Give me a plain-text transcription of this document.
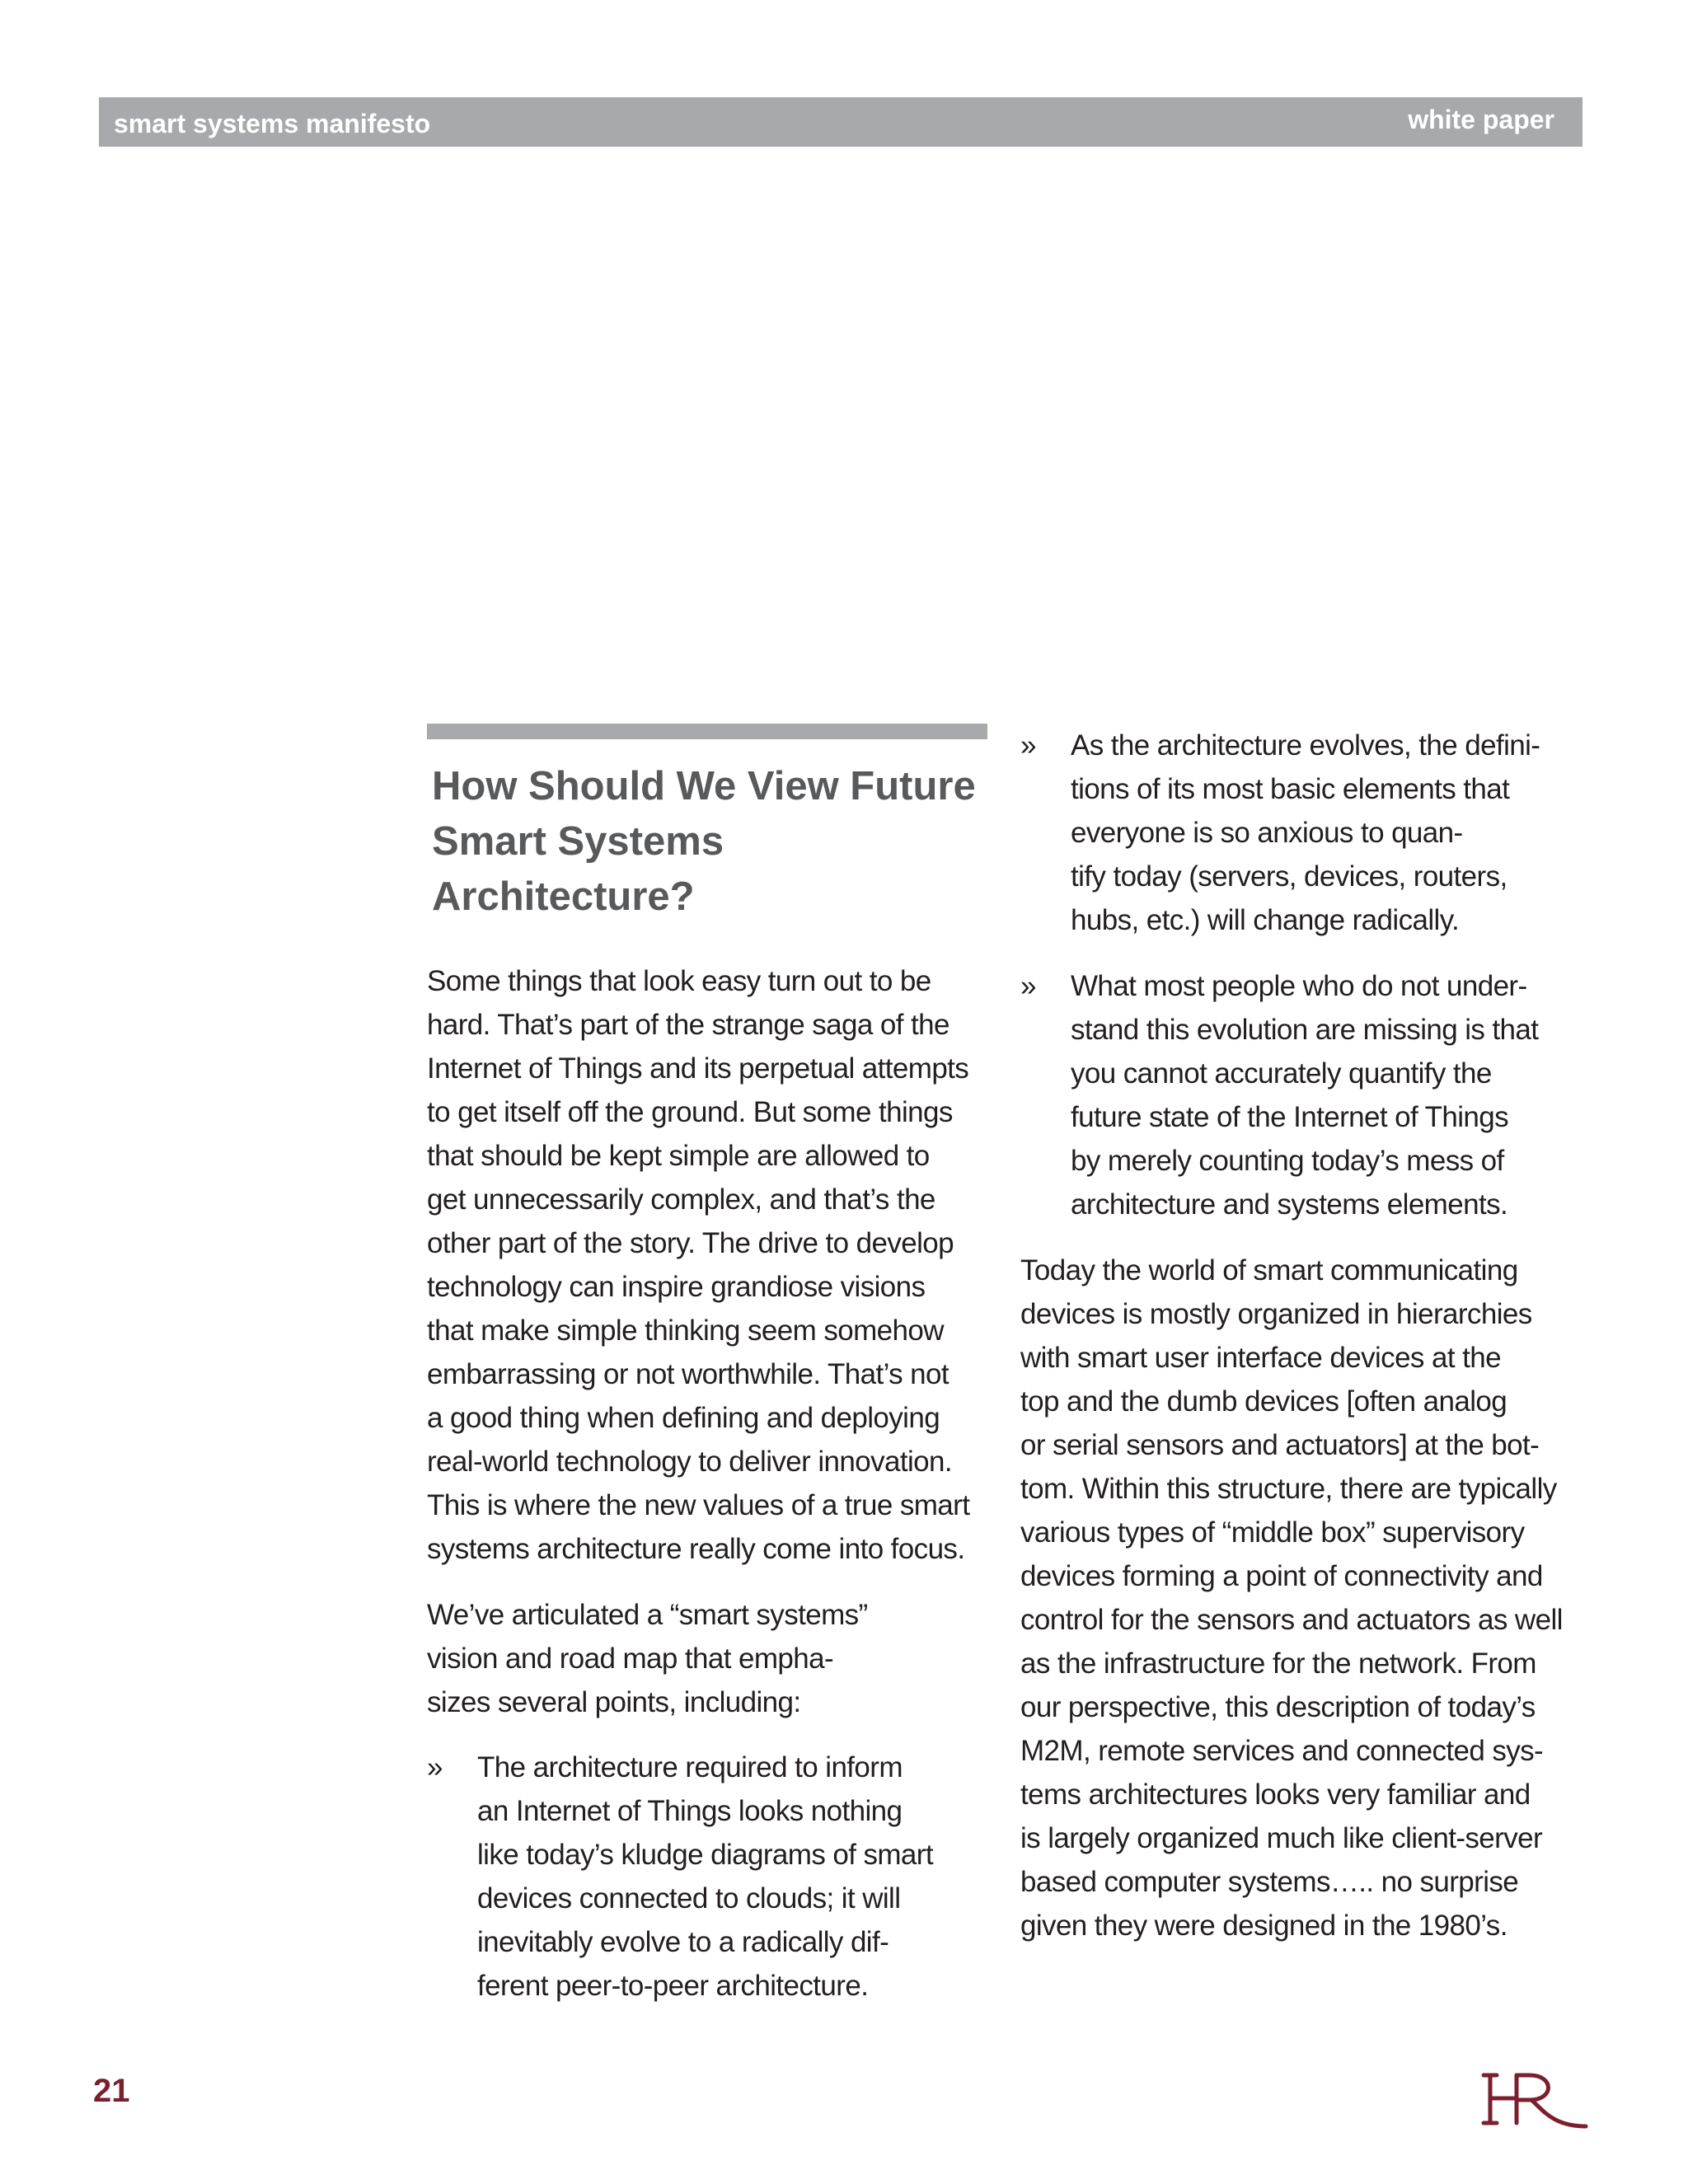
smart systems manifesto	white paper
How Should We View Future
Smart Systems Architecture?

Some things that look easy turn out to be
hard. That’s part of the strange saga of the
Internet of Things and its perpetual attempts
to get itself off the ground. But some things
that should be kept simple are allowed to
get unnecessarily complex, and that’s the
other part of the story. The drive to develop
technology can inspire grandiose visions
that make simple thinking seem somehow
embarrassing or not worthwhile. That’s not
a good thing when defining and deploying
real-world technology to deliver innovation.
This is where the new values of a true smart
systems architecture really come into focus.

We’ve articulated a “smart systems”
vision and road map that empha-
sizes several points, including:

» The architecture required to inform
an Internet of Things looks nothing
like today’s kludge diagrams of smart
devices connected to clouds; it will
inevitably evolve to a radically dif-
ferent peer-to-peer architecture.
» As the architecture evolves, the defini-
tions of its most basic elements that
everyone is so anxious to quan-
tify today (servers, devices, routers,
hubs, etc.) will change radically.
» What most people who do not under-
stand this evolution are missing is that
you cannot accurately quantify the
future state of the Internet of Things
by merely counting today’s mess of
architecture and systems elements.

Today the world of smart communicating
devices is mostly organized in hierarchies
with smart user interface devices at the
top and the dumb devices [often analog
or serial sensors and actuators] at the bot-
tom. Within this structure, there are typically
various types of “middle box” supervisory
devices forming a point of connectivity and
control for the sensors and actuators as well
as the infrastructure for the network. From
our perspective, this description of today’s
M2M, remote services and connected sys-
tems architectures looks very familiar and
is largely organized much like client-server
based computer systems….. no surprise
given they were designed in the 1980’s.

21
